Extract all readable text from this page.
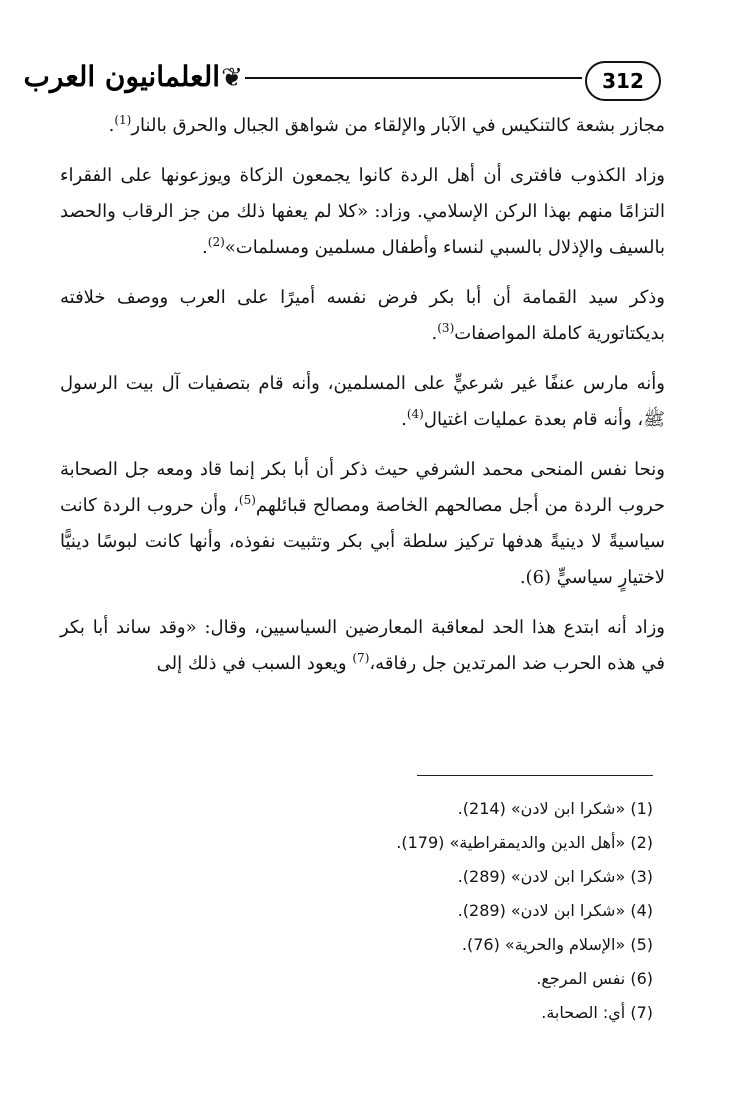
العلمانيون العرب ❦	312

مجازر بشعة كالتنكيس في الآبار والإلقاء من شواهق الجبال والحرق بالنار$^{(1)}$.

وزاد الكذوب فافترى أن أهل الردة كانوا يجمعون الزكاة ويوزعونها على الفقراء التزامًا منهم بهذا الركن الإسلامي. وزاد: «كلا لم يعفها ذلك من جز الرقاب والحصد بالسيف والإذلال بالسبي لنساء وأطفال مسلمين ومسلمات»$^{(2)}$.

وذكر سيد القمامة أن أبا بكر فرض نفسه أميرًا على العرب ووصف خلافته بديكتاتورية كاملة المواصفات$^{(3)}$.

وأنه مارس عنفًا غير شرعيٍّ على المسلمين، وأنه قام بتصفيات آل بيت الرسول ﷺ، وأنه قام بعدة عمليات اغتيال$^{(4)}$.

ونحا نفس المنحى محمد الشرفي حيث ذكر أن أبا بكر إنما قاد ومعه جل الصحابة حروب الردة من أجل مصالحهم الخاصة ومصالح قبائلهم$^{(5)}$، وأن حروب الردة كانت سياسيةً لا دينيةً هدفها تركيز سلطة أبي بكر وتثبيت نفوذه، وأنها كانت لبوسًا دينيًّا لاختيارٍ سياسيٍّ (6).

وزاد أنه ابتدع هذا الحد لمعاقبة المعارضين السياسيين، وقال: «وقد ساند أبا بكر في هذه الحرب ضد المرتدين جل رفاقه،$^{(7)}$ ويعود السبب في ذلك إلى

(1) «شكرا ابن لادن» (214).

(2) «أهل الدين والديمقراطية» (179).

(3) «شكرا ابن لادن» (289).

(4) «شكرا ابن لادن» (289).

(5) «الإسلام والحرية» (76).

(6) نفس المرجع.

(7) أي: الصحابة.
